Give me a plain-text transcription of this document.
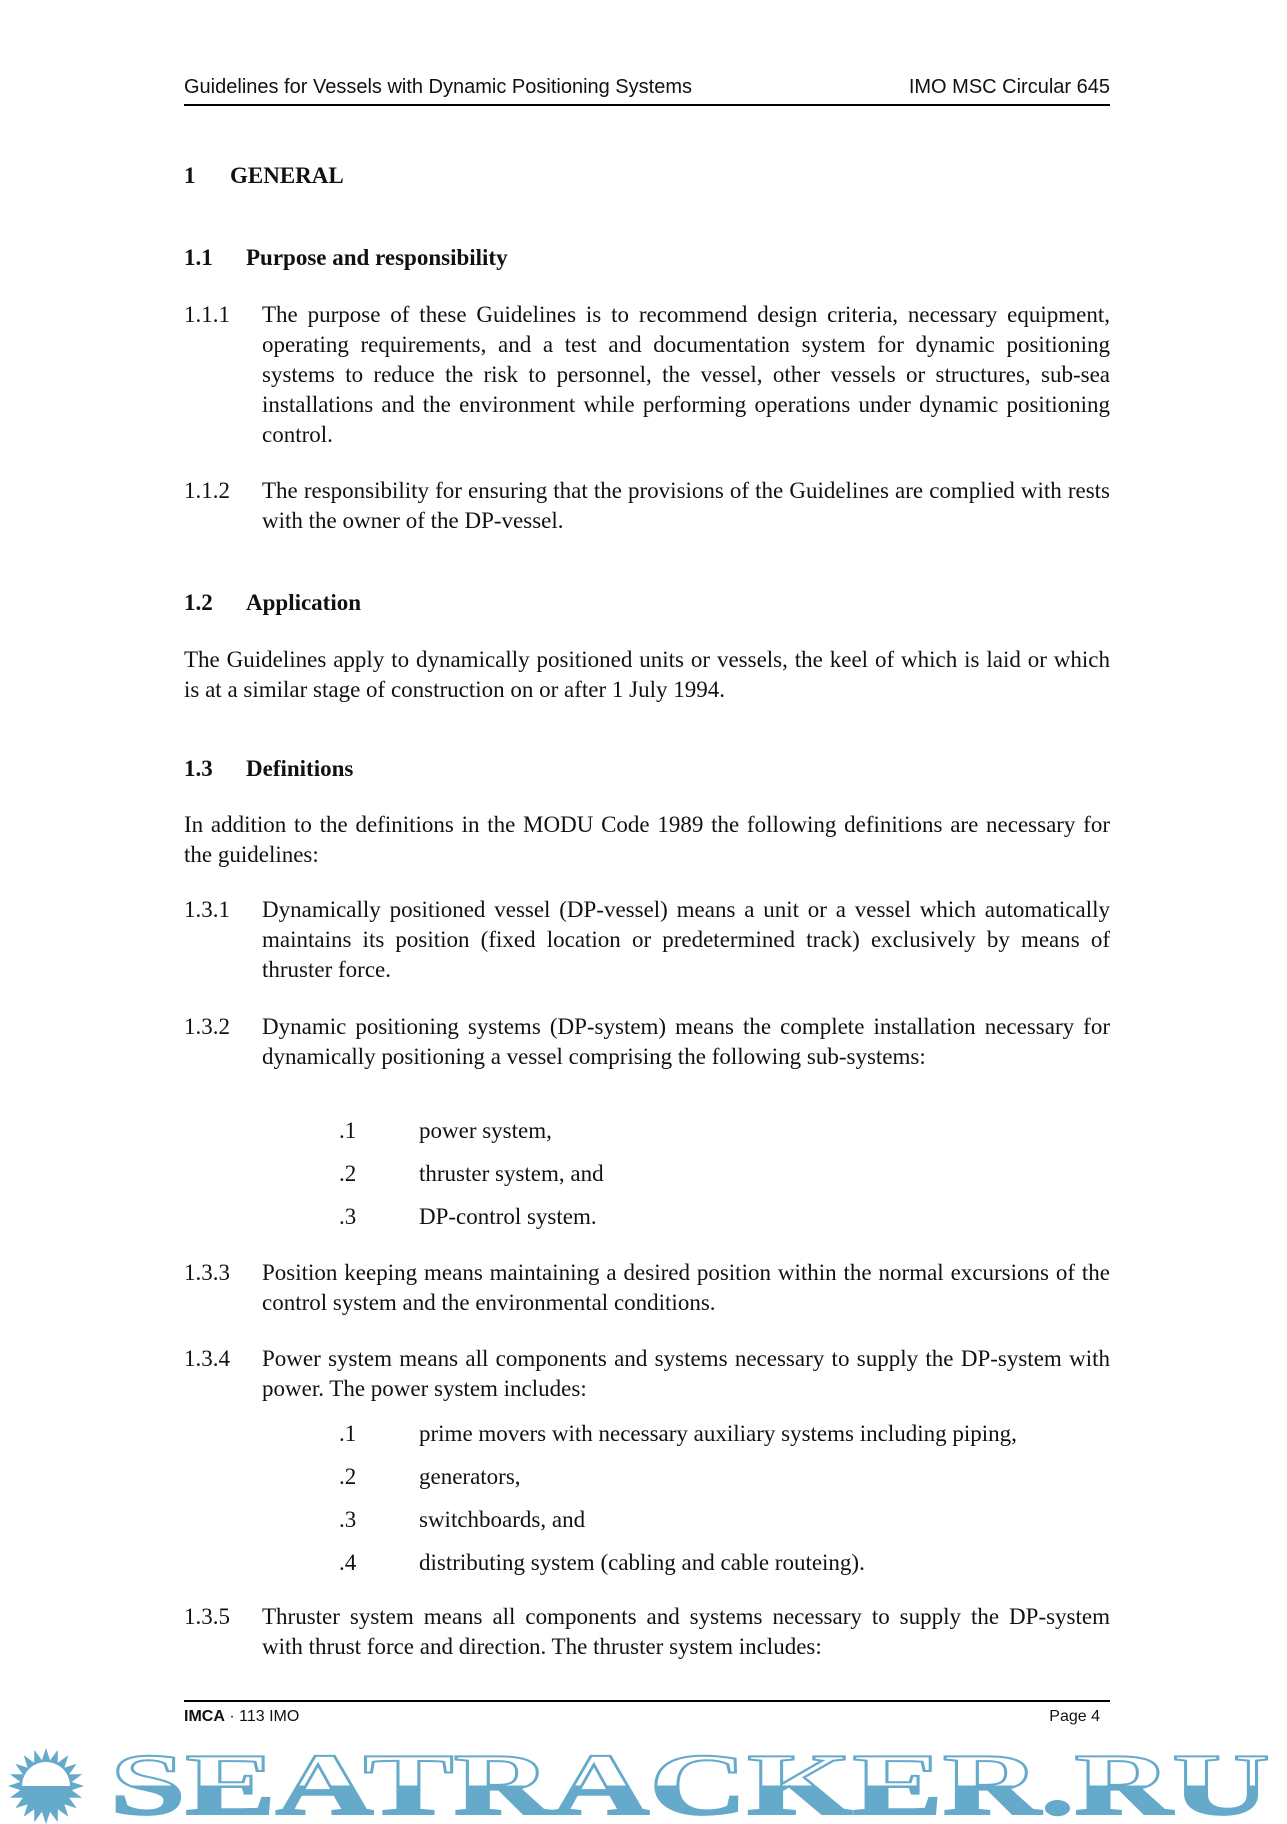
Guidelines for Vessels with Dynamic Positioning Systems	IMO MSC Circular 645
1 GENERAL
1.1 Purpose and responsibility
1.1.1 The purpose of these Guidelines is to recommend design criteria, necessary equipment, operating requirements, and a test and documentation system for dynamic positioning systems to reduce the risk to personnel, the vessel, other vessels or structures, sub-sea installations and the environment while performing operations under dynamic positioning control.
1.1.2 The responsibility for ensuring that the provisions of the Guidelines are complied with rests with the owner of the DP-vessel.
1.2 Application
The Guidelines apply to dynamically positioned units or vessels, the keel of which is laid or which is at a similar stage of construction on or after 1 July 1994.
1.3 Definitions
In addition to the definitions in the MODU Code 1989 the following definitions are necessary for the guidelines:
1.3.1 Dynamically positioned vessel (DP-vessel) means a unit or a vessel which automatically maintains its position (fixed location or predetermined track) exclusively by means of thruster force.
1.3.2 Dynamic positioning systems (DP-system) means the complete installation necessary for dynamically positioning a vessel comprising the following sub-systems:
.1	power system,
.2	thruster system, and
.3	DP-control system.
1.3.3 Position keeping means maintaining a desired position within the normal excursions of the control system and the environmental conditions.
1.3.4 Power system means all components and systems necessary to supply the DP-system with power. The power system includes:
.1	prime movers with necessary auxiliary systems including piping,
.2	generators,
.3	switchboards, and
.4	distributing system (cabling and cable routeing).
1.3.5 Thruster system means all components and systems necessary to supply the DP-system with thrust force and direction. The thruster system includes:
IMCA · 113 IMO	Page 4
SEATRACKER.RU
